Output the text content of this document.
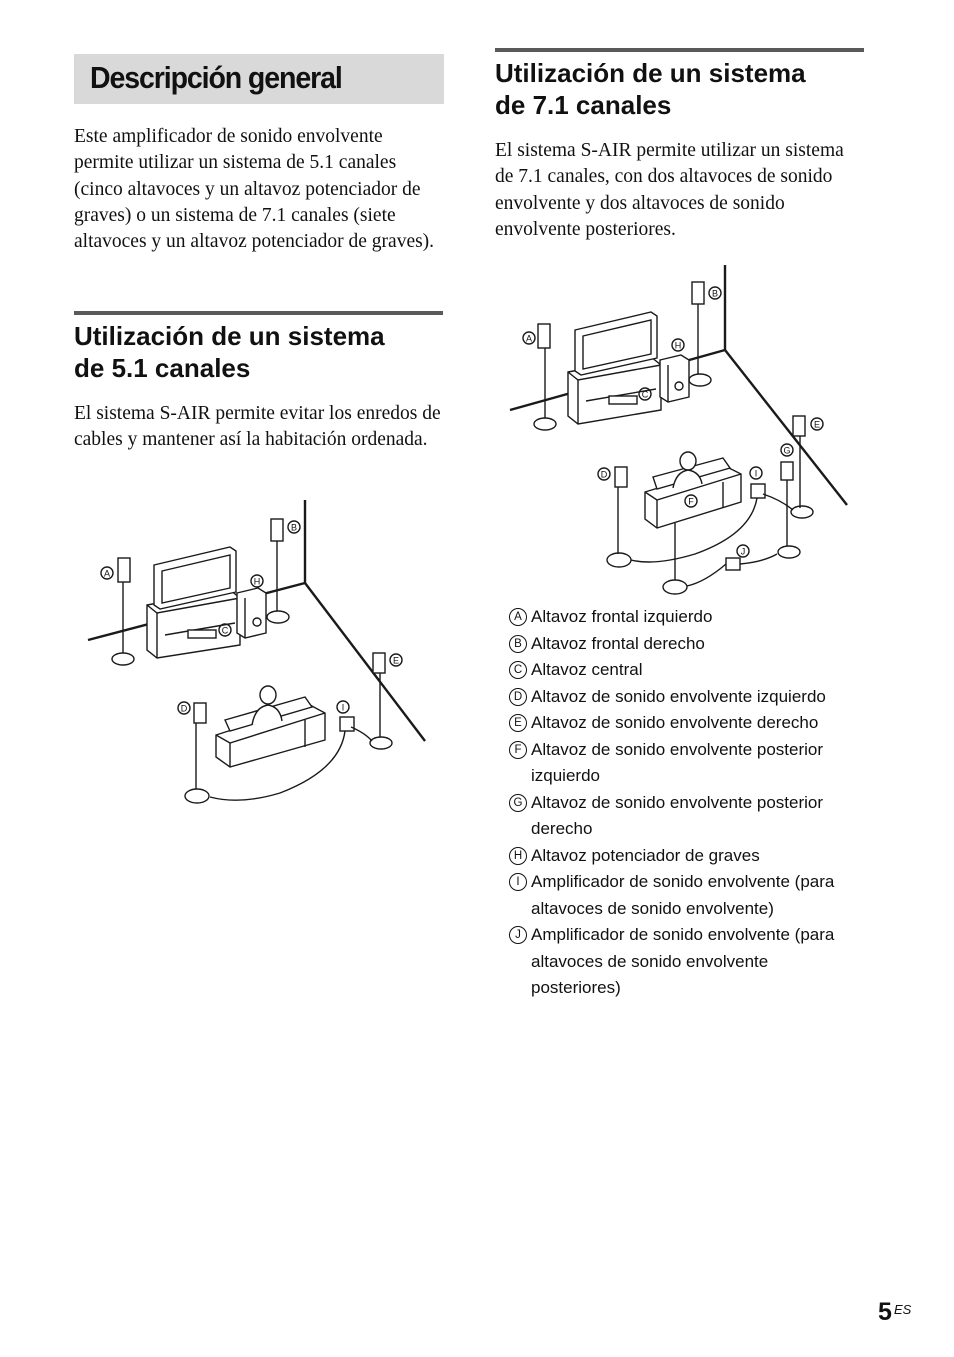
Descripción general

Este amplificador de sonido envolvente permite utilizar un sistema de 5.1 canales (cinco altavoces y un altavoz potenciador de graves) o un sistema de 7.1 canales (siete altavoces y un altavoz potenciador de graves).

Utilización de un sistema
de 5.1 canales

El sistema S-AIR permite evitar los enredos de cables y mantener así la habitación ordenada.

Utilización de un sistema
de 7.1 canales

El sistema S-AIR permite utilizar un sistema de 7.1 canales, con dos altavoces de sonido envolvente y dos altavoces de sonido envolvente posteriores.

A
B
C
H
E
D	I
A
B
C
H
E
G
D	I
F
J
A Altavoz frontal izquierdo
B Altavoz frontal derecho
C Altavoz central
D Altavoz de sonido envolvente izquierdo
E Altavoz de sonido envolvente derecho
F Altavoz de sonido envolvente posterior izquierdo
G Altavoz de sonido envolvente posterior derecho
H Altavoz potenciador de graves
I Amplificador de sonido envolvente (para altavoces de sonido envolvente)
J Amplificador de sonido envolvente (para altavoces de sonido envolvente posteriores)
5 ES
